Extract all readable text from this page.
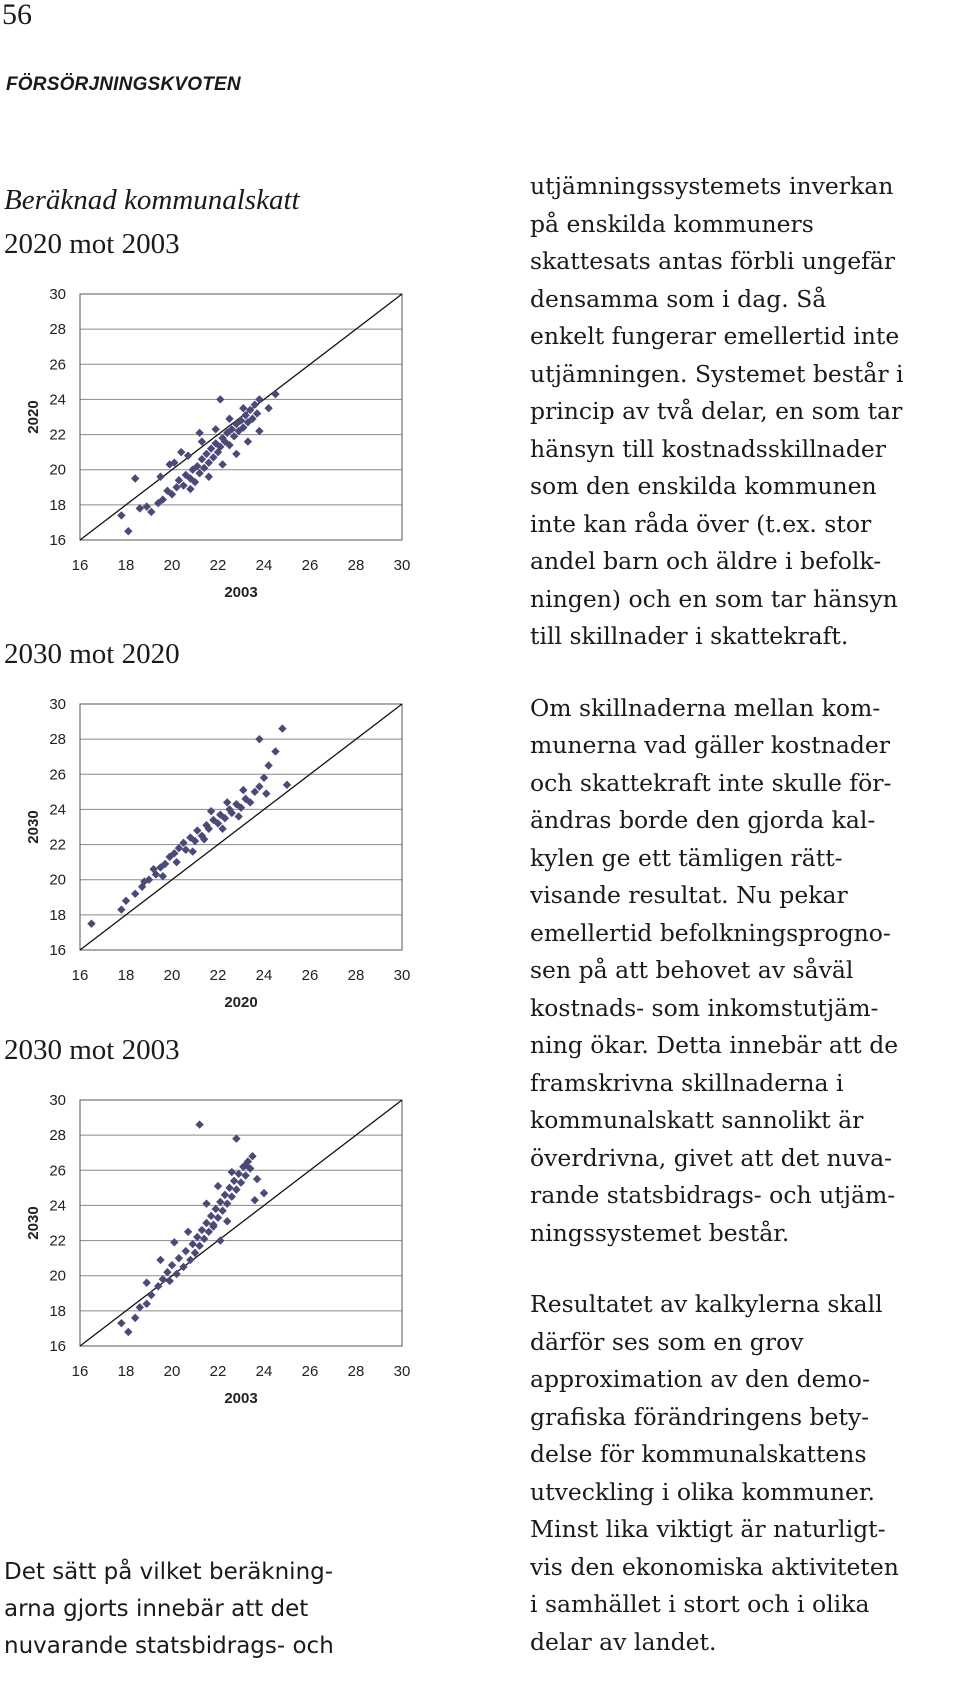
56
FÖRSÖRJNINGSKVOTEN
Beräknad kommunalskatt
2020 mot 2003
16
16
18
18
20
20
22
22
24
24
26
26
28
28
30
30
2003
2020
2030 mot 2020
16
16
18
18
20
20
22
22
24
24
26
26
28
28
30
30
2020
2030
2030 mot 2003
16
16
18
18
20
20
22
22
24
24
26
26
28
28
30
30
2003
2030
Det sätt på vilket beräkning-
arna gjorts innebär att det
nuvarande statsbidrags- och

utjämningssystemets inverkan
på enskilda kommuners
skattesats antas förbli ungefär
densamma som i dag. Så
enkelt fungerar emellertid inte
utjämningen. Systemet består i
princip av två delar, en som tar
hänsyn till kostnadsskillnader
som den enskilda kommunen
inte kan råda över (t.ex. stor
andel barn och äldre i befolk-
ningen) och en som tar hänsyn
till skillnader i skattekraft.

Om skillnaderna mellan kom-
munerna vad gäller kostnader
och skattekraft inte skulle för-
ändras borde den gjorda kal-
kylen ge ett tämligen rätt-
visande resultat. Nu pekar
emellertid befolkningsprogno-
sen på att behovet av såväl
kostnads- som inkomstutjäm-
ning ökar. Detta innebär att de
framskrivna skillnaderna i
kommunalskatt sannolikt är
överdrivna, givet att det nuva-
rande statsbidrags- och utjäm-
ningssystemet består.

Resultatet av kalkylerna skall
därför ses som en grov
approximation av den demo-
grafiska förändringens bety-
delse för kommunalskattens
utveckling i olika kommuner.
Minst lika viktigt är naturligt-
vis den ekonomiska aktiviteten
i samhället i stort och i olika
delar av landet.
